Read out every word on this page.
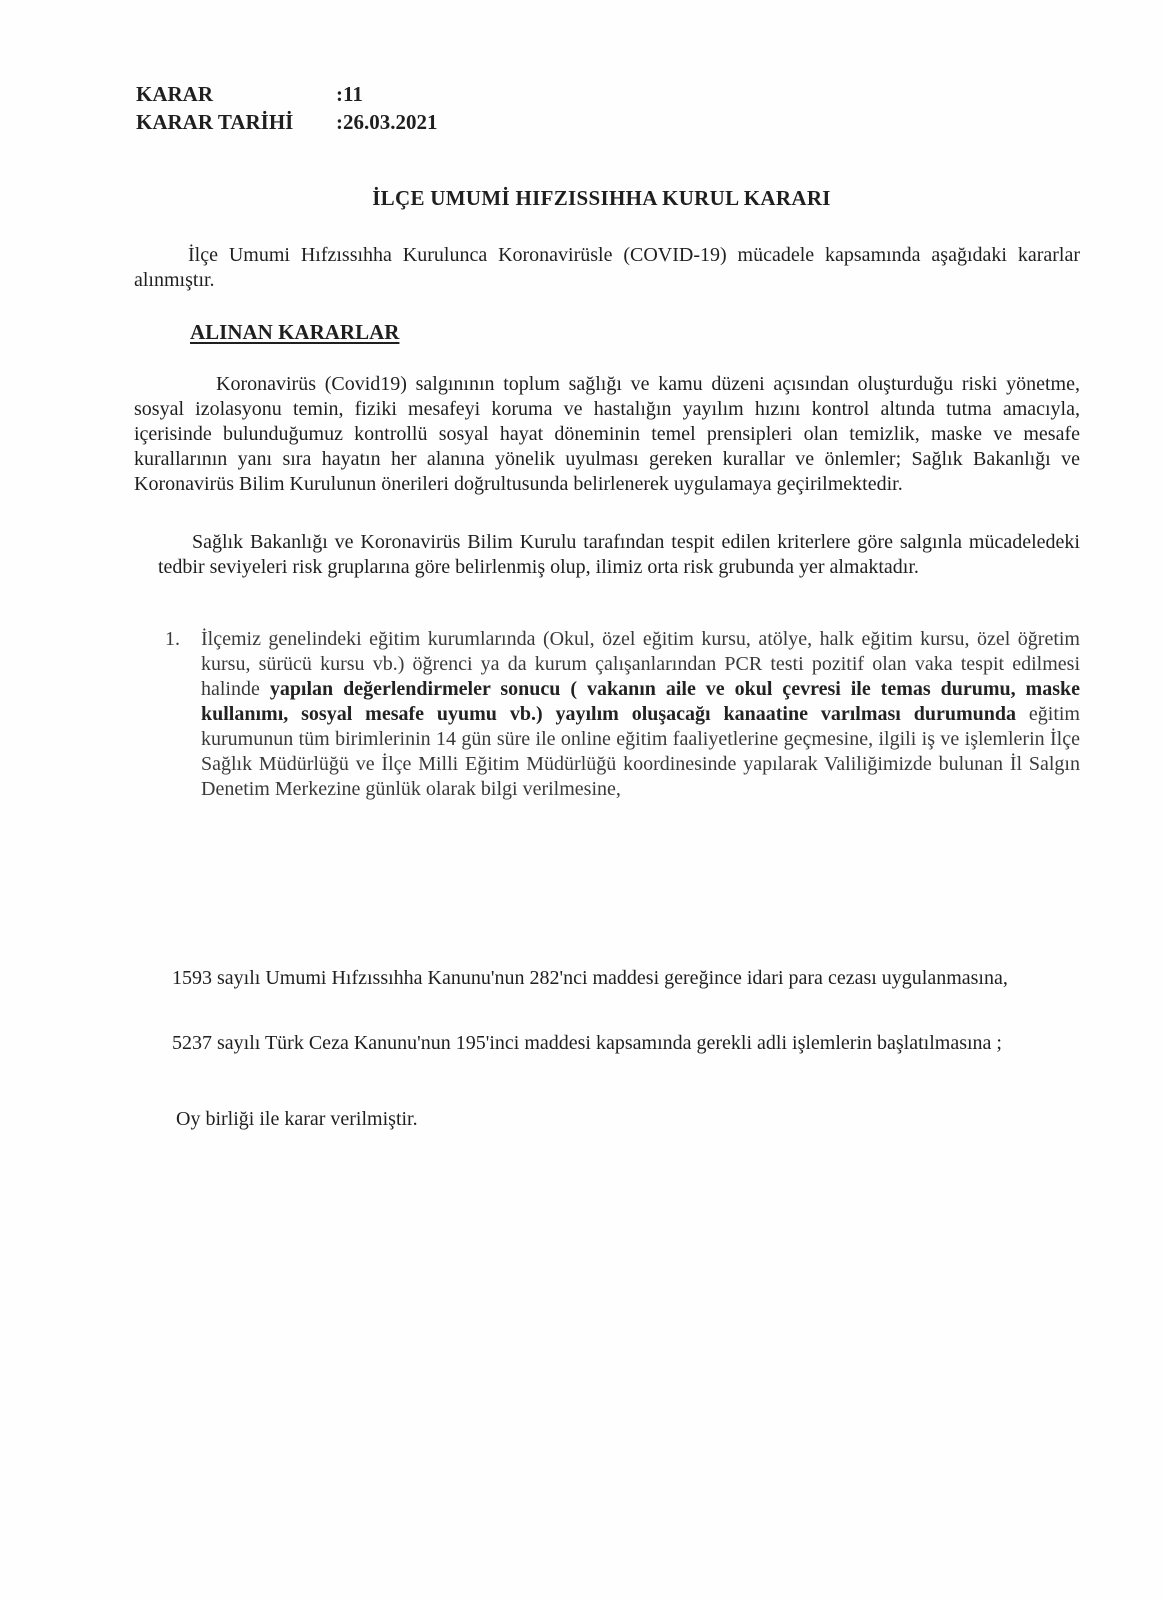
KARAR	:11
KARAR TARİHİ	:26.03.2021
İLÇE UMUMİ HIFZISSIHHA KURUL KARARI
İlçe Umumi Hıfzıssıhha Kurulunca Koronavirüsle (COVID-19) mücadele kapsamında aşağıdaki kararlar alınmıştır.
ALINAN KARARLAR
Koronavirüs (Covid19) salgınının toplum sağlığı ve kamu düzeni açısından oluşturduğu riski yönetme, sosyal izolasyonu temin, fiziki mesafeyi koruma ve hastalığın yayılım hızını kontrol altında tutma amacıyla, içerisinde bulunduğumuz kontrollü sosyal hayat döneminin temel prensipleri olan temizlik, maske ve mesafe kurallarının yanı sıra hayatın her alanına yönelik uyulması gereken kurallar ve önlemler; Sağlık Bakanlığı ve Koronavirüs Bilim Kurulunun önerileri doğrultusunda belirlenerek uygulamaya geçirilmektedir.
Sağlık Bakanlığı ve Koronavirüs Bilim Kurulu tarafından tespit edilen kriterlere göre salgınla mücadeledeki tedbir seviyeleri risk gruplarına göre belirlenmiş olup, ilimiz orta risk grubunda yer almaktadır.
1.	İlçemiz genelindeki eğitim kurumlarında (Okul, özel eğitim kursu, atölye, halk eğitim kursu, özel öğretim kursu, sürücü kursu vb.) öğrenci ya da kurum çalışanlarından PCR testi pozitif olan vaka tespit edilmesi halinde yapılan değerlendirmeler sonucu ( vakanın aile ve okul çevresi ile temas durumu, maske kullanımı, sosyal mesafe uyumu vb.) yayılım oluşacağı kanaatine varılması durumunda eğitim kurumunun tüm birimlerinin 14 gün süre ile online eğitim faaliyetlerine geçmesine, ilgili iş ve işlemlerin İlçe Sağlık Müdürlüğü ve İlçe Milli Eğitim Müdürlüğü koordinesinde yapılarak Valiliğimizde bulunan İl Salgın Denetim Merkezine günlük olarak bilgi verilmesine,
1593 sayılı Umumi Hıfzıssıhha Kanunu'nun 282'nci maddesi gereğince idari para cezası uygulanmasına,
5237 sayılı Türk Ceza Kanunu'nun 195'inci maddesi kapsamında gerekli adli işlemlerin başlatılmasına ;
Oy birliği ile karar verilmiştir.
